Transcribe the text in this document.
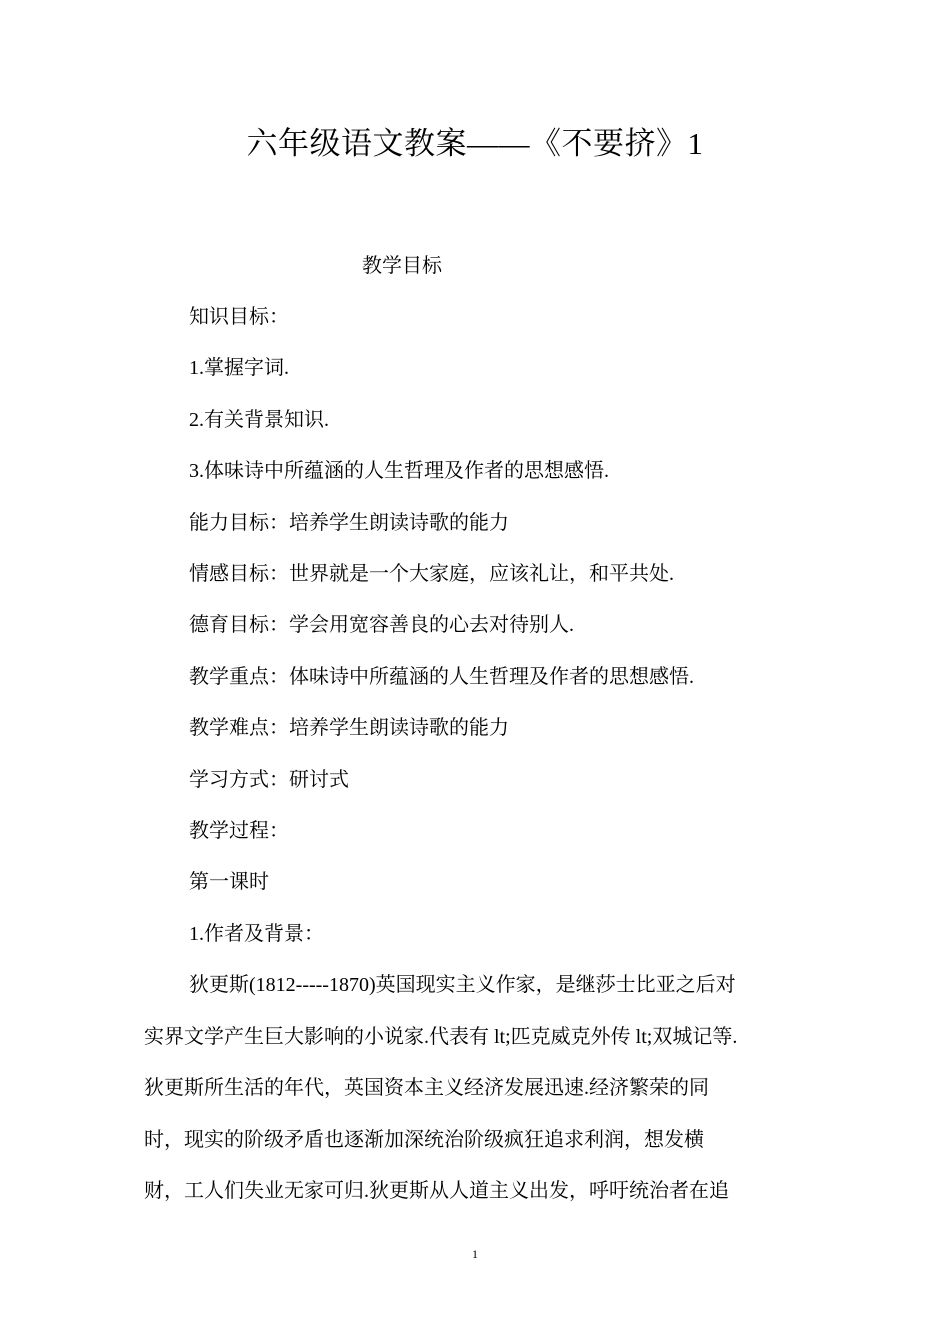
六年级语文教案——《不要挤》1
教学目标
知识目标：
1.掌握字词.
2.有关背景知识.
3.体味诗中所蕴涵的人生哲理及作者的思想感悟.
能力目标：培养学生朗读诗歌的能力
情感目标：世界就是一个大家庭，应该礼让，和平共处.
德育目标：学会用宽容善良的心去对待别人.
教学重点：体味诗中所蕴涵的人生哲理及作者的思想感悟.
教学难点：培养学生朗读诗歌的能力
学习方式：研讨式
教学过程：
第一课时
1.作者及背景：
狄更斯(1812-----1870)英国现实主义作家，是继莎士比亚之后对
实界文学产生巨大影响的小说家.代表有 lt;匹克威克外传 lt;双城记等.
狄更斯所生活的年代，英国资本主义经济发展迅速.经济繁荣的同
时，现实的阶级矛盾也逐渐加深统治阶级疯狂追求利润，想发横
财，工人们失业无家可归.狄更斯从人道主义出发，呼吁统治者在追
1
